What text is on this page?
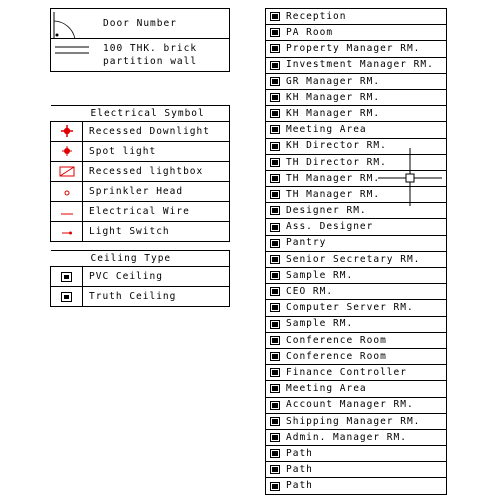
Door Number
100 THK. brick
partition wall
Electrical Symbol	
	Recessed Downlight
	Spot light
	Recessed lightbox
	Sprinkler Head
	Electrical Wire
	Light Switch
Ceiling Type	
	PVC Ceiling
	Truth Ceiling
Reception
PA Room
Property Manager RM.
Investment Manager RM.
GR Manager RM.
KH Manager RM.
KH Manager RM.
Meeting Area
KH Director RM.
TH Director RM.
TH Manager RM.
TH Manager RM.
Designer RM.
Ass. Designer
Pantry
Senior Secretary RM.
Sample RM.
CEO RM.
Computer Server RM.
Sample RM.
Conference Room
Conference Room
Finance Controller
Meeting Area
Account Manager RM.
Shipping Manager RM.
Admin. Manager RM.
Path
Path
Path
